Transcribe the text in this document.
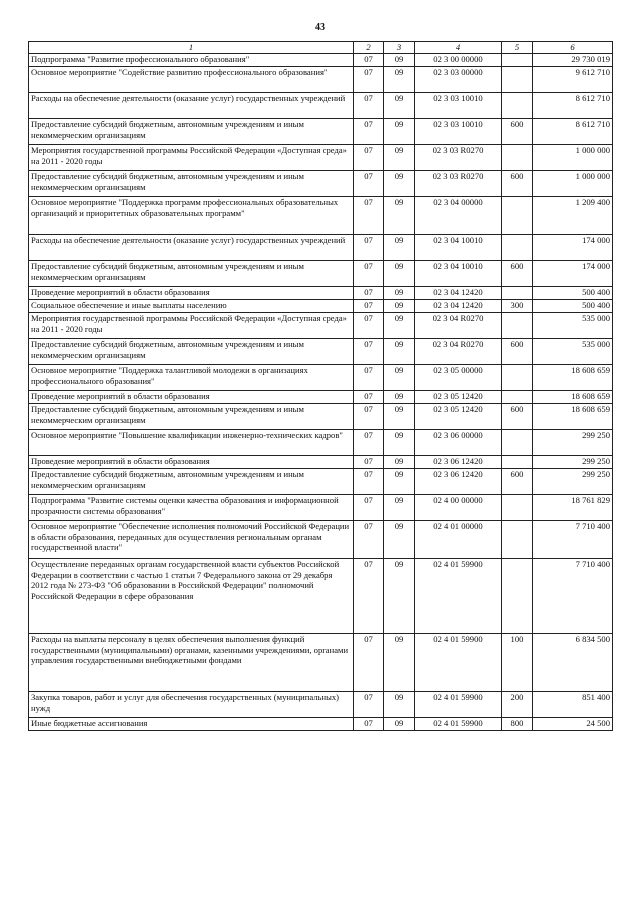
43
1	2	3	4	5	6
Подпрограмма "Развитие профессионального образования"	07	09	02 3 00 00000		29 730 019
Основное мероприятие "Содействие развитию профессионального образования"	07	09	02 3 03 00000		9 612 710
Расходы на обеспечение деятельности (оказание услуг) государственных учреждений	07	09	02 3 03 10010		8 612 710
Предоставление субсидий бюджетным, автономным учреждениям и иным некоммерческим организациям	07	09	02 3 03 10010	600	8 612 710
Мероприятия государственной программы Российской Федерации «Доступная среда» на 2011 - 2020 годы	07	09	02 3 03 R0270		1 000 000
Предоставление субсидий бюджетным, автономным учреждениям и иным некоммерческим организациям	07	09	02 3 03 R0270	600	1 000 000
Основное мероприятие "Поддержка программ профессиональных образовательных организаций и приоритетных образовательных программ"	07	09	02 3 04 00000		1 209 400
Расходы на обеспечение деятельности (оказание услуг) государственных учреждений	07	09	02 3 04 10010		174 000
Предоставление субсидий бюджетным, автономным учреждениям и иным некоммерческим организациям	07	09	02 3 04 10010	600	174 000
Проведение мероприятий в области образования	07	09	02 3 04 12420		500 400
Социальное обеспечение и иные выплаты населению	07	09	02 3 04 12420	300	500 400
Мероприятия государственной программы Российской Федерации «Доступная среда» на 2011 - 2020 годы	07	09	02 3 04 R0270		535 000
Предоставление субсидий бюджетным, автономным учреждениям и иным некоммерческим организациям	07	09	02 3 04 R0270	600	535 000
Основное мероприятие "Поддержка талантливой молодежи в организациях профессионального образования"	07	09	02 3 05 00000		18 608 659
Проведение мероприятий в области образования	07	09	02 3 05 12420		18 608 659
Предоставление субсидий бюджетным, автономным учреждениям и иным некоммерческим организациям	07	09	02 3 05 12420	600	18 608 659
Основное мероприятие "Повышение квалификации инженерно-технических кадров"	07	09	02 3 06 00000		299 250
Проведение мероприятий в области образования	07	09	02 3 06 12420		299 250
Предоставление субсидий бюджетным, автономным учреждениям и иным некоммерческим организациям	07	09	02 3 06 12420	600	299 250
Подпрограмма "Развитие системы оценки качества образования и информационной прозрачности системы образования"	07	09	02 4 00 00000		18 761 829
Основное мероприятие "Обеспечение исполнения полномочий Российской Федерации в области образования, переданных для осуществления региональным органам государственной власти"	07	09	02 4 01 00000		7 710 400
Осуществление переданных органам государственной власти субъектов Российской Федерации в соответствии с частью 1 статьи 7 Федерального закона от 29 декабря 2012 года № 273-ФЗ "Об образовании в Российской Федерации" полномочий Российской Федерации в сфере образования	07	09	02 4 01 59900		7 710 400
Расходы на выплаты персоналу в целях обеспечения выполнения функций государственными (муниципальными) органами, казенными учреждениями, органами управления государственными внебюджетными фондами	07	09	02 4 01 59900	100	6 834 500
Закупка товаров, работ и услуг для обеспечения государственных (муниципальных) нужд	07	09	02 4 01 59900	200	851 400
Иные бюджетные ассигнования	07	09	02 4 01 59900	800	24 500
